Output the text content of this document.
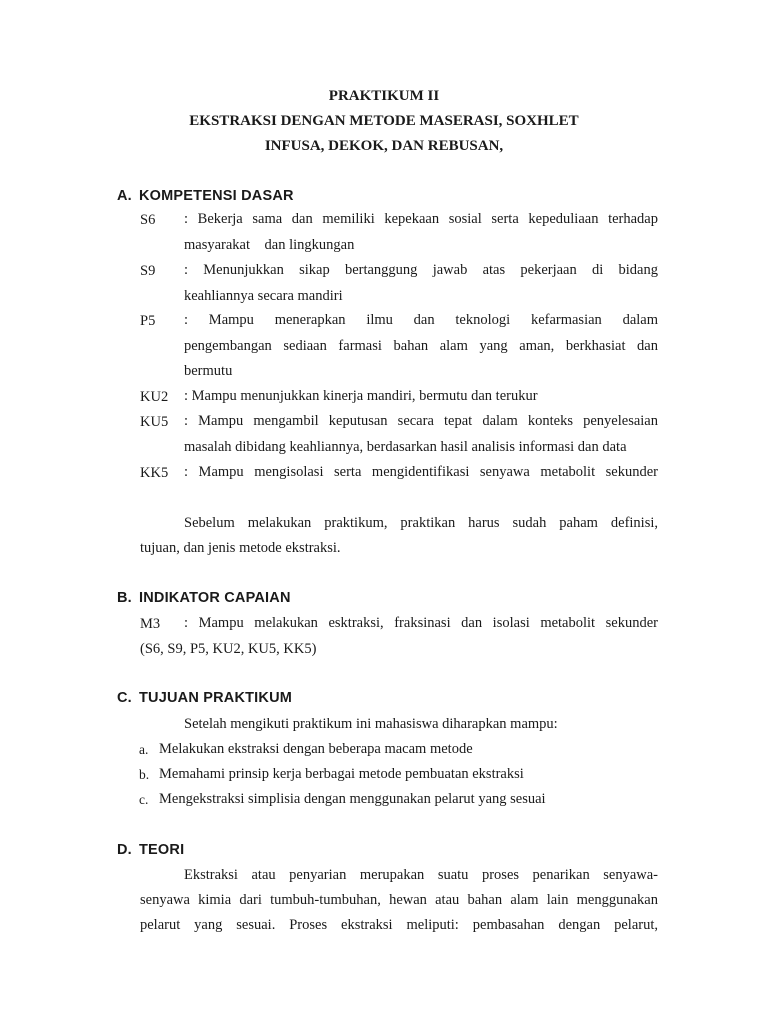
PRAKTIKUM II
EKSTRAKSI DENGAN METODE MASERASI, SOXHLET
INFUSA, DEKOK, DAN REBUSAN,
A. KOMPETENSI DASAR
S6 : Bekerja sama dan memiliki kepekaan sosial serta kepeduliaan terhadap
masyarakat    dan lingkungan
S9 : Menunjukkan sikap bertanggung jawab atas pekerjaan di bidang
keahliannya secara mandiri
P5 : Mampu menerapkan ilmu dan teknologi kefarmasian dalam
pengembangan sediaan farmasi bahan alam yang aman, berkhasiat dan
bermutu
KU2 : Mampu menunjukkan kinerja mandiri, bermutu dan terukur
KU5 : Mampu mengambil keputusan secara tepat dalam konteks penyelesaian
masalah dibidang keahliannya, berdasarkan hasil analisis informasi dan data
KK5 : Mampu mengisolasi serta mengidentifikasi senyawa metabolit sekunder
Sebelum melakukan praktikum, praktikan harus sudah paham definisi,
tujuan, dan jenis metode ekstraksi.
B. INDIKATOR CAPAIAN
M3 : Mampu melakukan esktraksi, fraksinasi dan isolasi metabolit sekunder
(S6, S9, P5, KU2, KU5, KK5)
C. TUJUAN PRAKTIKUM
Setelah mengikuti praktikum ini mahasiswa diharapkan mampu:
a. Melakukan ekstraksi dengan beberapa macam metode
b. Memahami prinsip kerja berbagai metode pembuatan ekstraksi
c. Mengekstraksi simplisia dengan menggunakan pelarut yang sesuai
D. TEORI
Ekstraksi atau penyarian merupakan suatu proses penarikan senyawa-
senyawa kimia dari tumbuh-tumbuhan, hewan atau bahan alam lain menggunakan
pelarut yang sesuai. Proses ekstraksi meliputi: pembasahan dengan pelarut,
